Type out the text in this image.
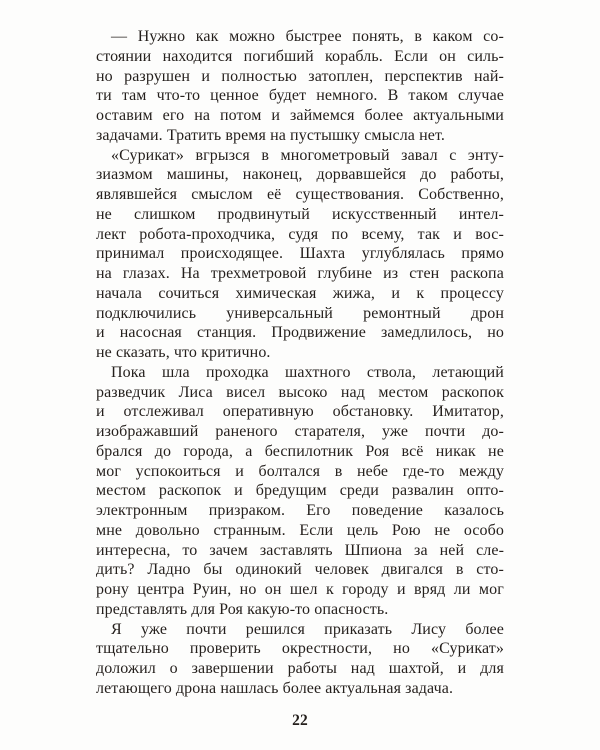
— Нужно как можно быстрее понять, в каком со-
стоянии находится погибший корабль. Если он силь-
но разрушен и полностью затоплен, перспектив най-
ти там что-то ценное будет немного. В таком случае
оставим его на потом и займемся более актуальными
задачами. Тратить время на пустышку смысла нет.
«Сурикат» вгрызся в многометровый завал с энту-
зиазмом машины, наконец, дорвавшейся до работы,
являвшейся смыслом её существования. Собственно,
не слишком продвинутый искусственный интел-
лект робота-проходчика, судя по всему, так и вос-
принимал происходящее. Шахта углублялась прямо
на глазах. На трехметровой глубине из стен раскопа
начала сочиться химическая жижа, и к процессу
подключились универсальный ремонтный дрон
и насосная станция. Продвижение замедлилось, но
не сказать, что критично.
Пока шла проходка шахтного ствола, летающий
разведчик Лиса висел высоко над местом раскопок
и отслеживал оперативную обстановку. Имитатор,
изображавший раненого старателя, уже почти до-
брался до города, а беспилотник Роя всё никак не
мог успокоиться и болтался в небе где-то между
местом раскопок и бредущим среди развалин опто-
электронным призраком. Его поведение казалось
мне довольно странным. Если цель Рою не особо
интересна, то зачем заставлять Шпиона за ней сле-
дить? Ладно бы одинокий человек двигался в сто-
рону центра Руин, но он шел к городу и вряд ли мог
представлять для Роя какую-то опасность.
Я уже почти решился приказать Лису более
тщательно проверить окрестности, но «Сурикат»
доложил о завершении работы над шахтой, и для
летающего дрона нашлась более актуальная задача.
22
